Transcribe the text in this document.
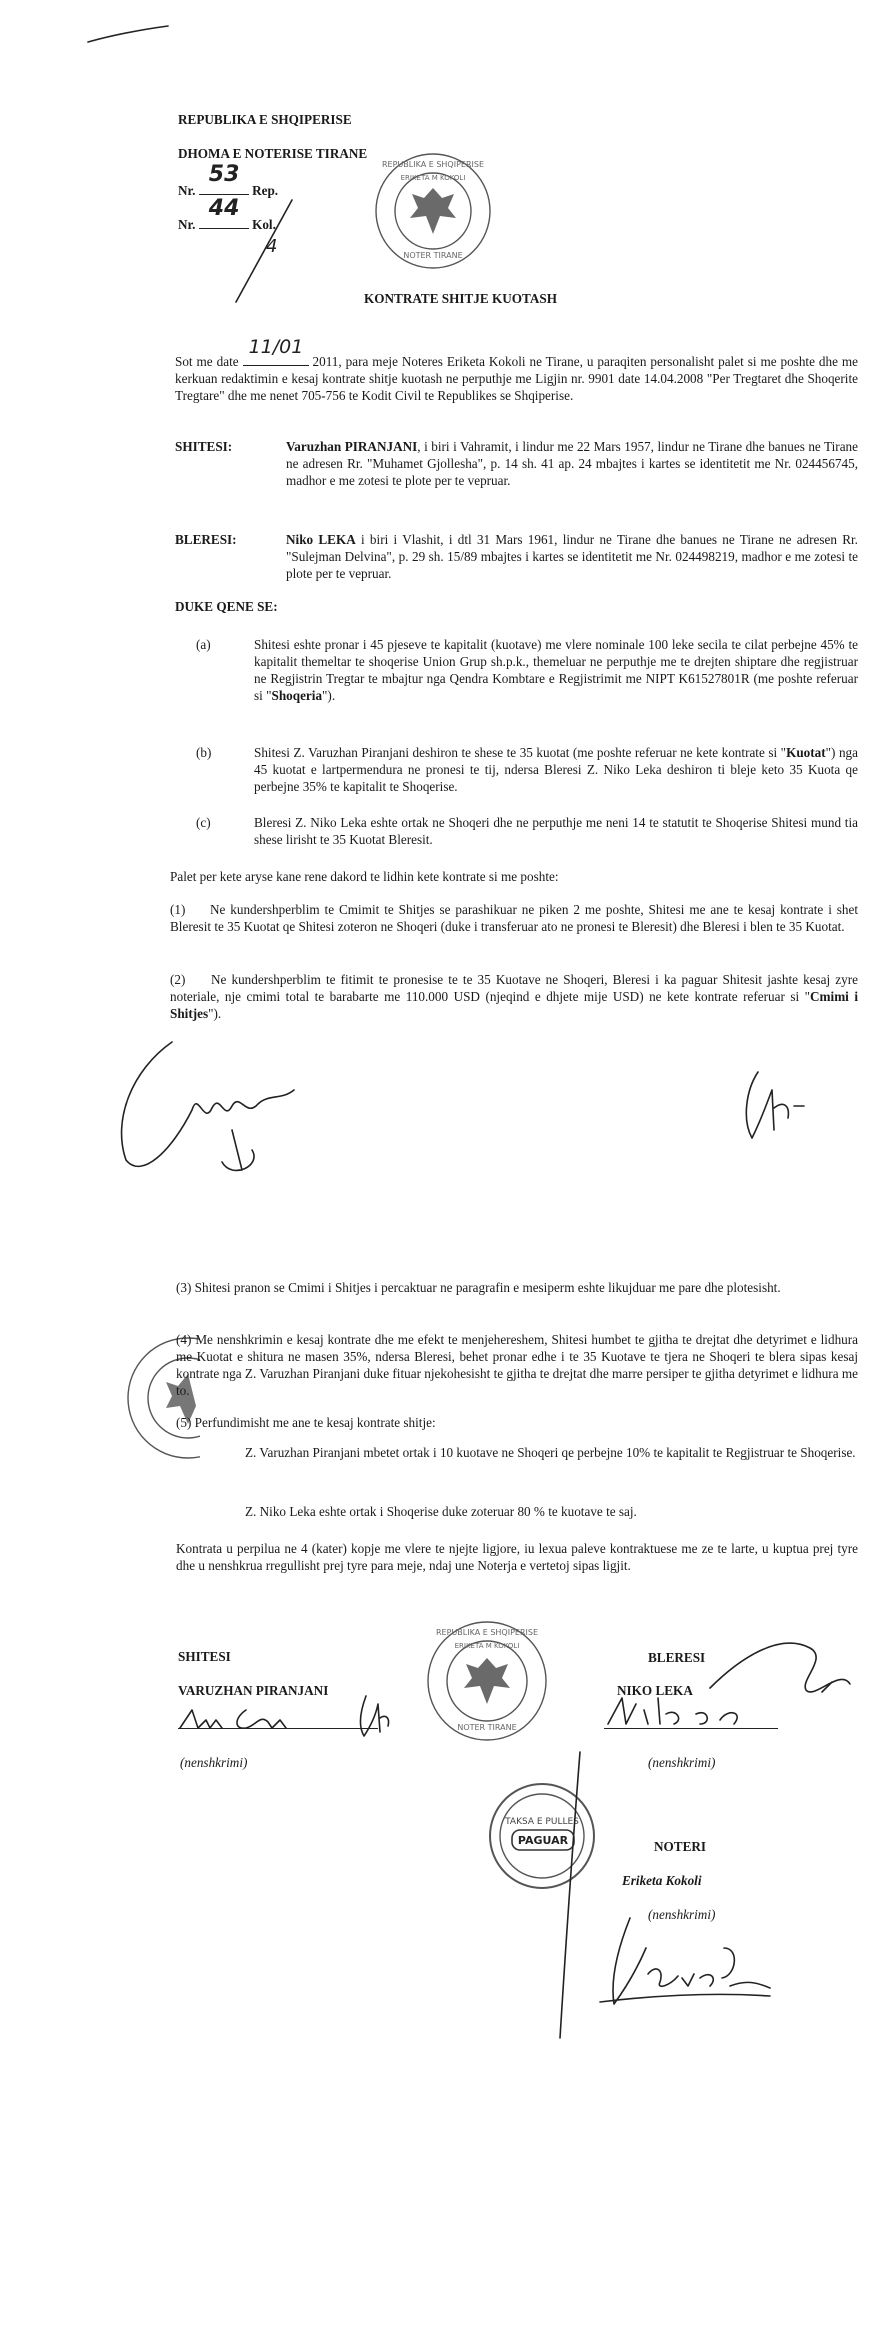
REPUBLIKA E SHQIPERISE
DHOMA E NOTERISE TIRANE
Nr.
53
Rep.
Nr.
44
Kol.
4
REPUBLIKA E SHQIPERISE
ERIKETA M KOKOLI
NOTER TIRANE
KONTRATE SHITJE KUOTASH
Sot me date
11/01
2011, para meje Noteres Eriketa Kokoli ne Tirane, u paraqiten personalisht palet si me poshte dhe me kerkuan redaktimin e kesaj kontrate shitje kuotash ne perputhje me Ligjin nr. 9901 date 14.04.2008 "Per Tregtaret dhe Shoqerite Tregtare" dhe me nenet 705-756 te Kodit Civil te Republikes se Shqiperise.
SHITESI:	Varuzhan PIRANJANI, i biri i Vahramit, i lindur me 22 Mars 1957, lindur ne Tirane dhe banues ne Tirane ne adresen Rr. "Muhamet Gjollesha", p. 14 sh. 41 ap. 24 mbajtes i kartes se identitetit me Nr. 024456745, madhor e me zotesi te plote per te vepruar.
BLERESI:	Niko LEKA i biri i Vlashit, i dtl 31 Mars 1961, lindur ne Tirane dhe banues ne Tirane ne adresen Rr. "Sulejman Delvina", p. 29 sh. 15/89 mbajtes i kartes se identitetit me Nr. 024498219, madhor e me zotesi te plote per te vepruar.
DUKE QENE SE:
(a)	Shitesi eshte pronar i 45 pjeseve te kapitalit (kuotave) me vlere nominale 100 leke secila te cilat perbejne 45% te kapitalit themeltar te shoqerise Union Grup sh.p.k., themeluar ne perputhje me te drejten shiptare dhe regjistruar ne Regjistrin Tregtar te mbajtur nga Qendra Kombtare e Regjistrimit me NIPT K61527801R (me poshte referuar si "Shoqeria").
(b)	Shitesi Z. Varuzhan Piranjani deshiron te shese te 35 kuotat (me poshte referuar ne kete kontrate si "Kuotat") nga 45 kuotat e lartpermendura ne pronesi te tij, ndersa Bleresi Z. Niko Leka deshiron ti bleje keto 35 Kuota qe perbejne 35% te kapitalit te Shoqerise.
(c)	Bleresi Z. Niko Leka eshte ortak ne Shoqeri dhe ne perputhje me neni 14 te statutit te Shoqerise Shitesi mund tia shese lirisht te 35 Kuotat Bleresit.
Palet per kete aryse kane rene dakord te lidhin kete kontrate si me poshte:
(1) Ne kundershperblim te Cmimit te Shitjes se parashikuar ne piken 2 me poshte, Shitesi me ane te kesaj kontrate i shet Bleresit te 35 Kuotat qe Shitesi zoteron ne Shoqeri (duke i transferuar ato ne pronesi te Bleresit) dhe Bleresi i blen te 35 Kuotat.
(2) Ne kundershperblim te fitimit te pronesise te te 35 Kuotave ne Shoqeri, Bleresi i ka paguar Shitesit jashte kesaj zyre noteriale, nje cmimi total te barabarte me 110.000 USD (njeqind e dhjete mije USD) ne kete kontrate referuar si "Cmimi i Shitjes").
(3) Shitesi pranon se Cmimi i Shitjes i percaktuar ne paragrafin e mesiperm eshte likujduar me pare dhe plotesisht.
(4) Me nenshkrimin e kesaj kontrate dhe me efekt te menjehereshem, Shitesi humbet te gjitha te drejtat dhe detyrimet e lidhura me Kuotat e shitura ne masen 35%, ndersa Bleresi, behet pronar edhe i te 35 Kuotave te tjera ne Shoqeri te blera sipas kesaj kontrate nga Z. Varuzhan Piranjani duke fituar njekohesisht te gjitha te drejtat dhe marre persiper te gjitha detyrimet e lidhura me to.
(5) Perfundimisht me ane te kesaj kontrate shitje:
Z. Varuzhan Piranjani mbetet ortak i 10 kuotave ne Shoqeri qe perbejne 10% te kapitalit te Regjistruar te Shoqerise.
Z. Niko Leka eshte ortak i Shoqerise duke zoteruar 80 % te kuotave te saj.
Kontrata u perpilua ne 4 (kater) kopje me vlere te njejte ligjore, iu lexua paleve kontraktuese me ze te larte, u kuptua prej tyre dhe u nenshkrua rregullisht prej tyre para meje, ndaj une Noterja e vertetoj sipas ligjit.
SHITESI
VARUZHAN PIRANJANI
(nenshkrimi)
REPUBLIKA E SHQIPERISE
ERIKETA M KOKOLI
NOTER TIRANE
BLERESI
NIKO LEKA
(nenshkrimi)
TAKSA E PULLES
PAGUAR	NOTERI
Eriketa Kokoli
(nenshkrimi)
